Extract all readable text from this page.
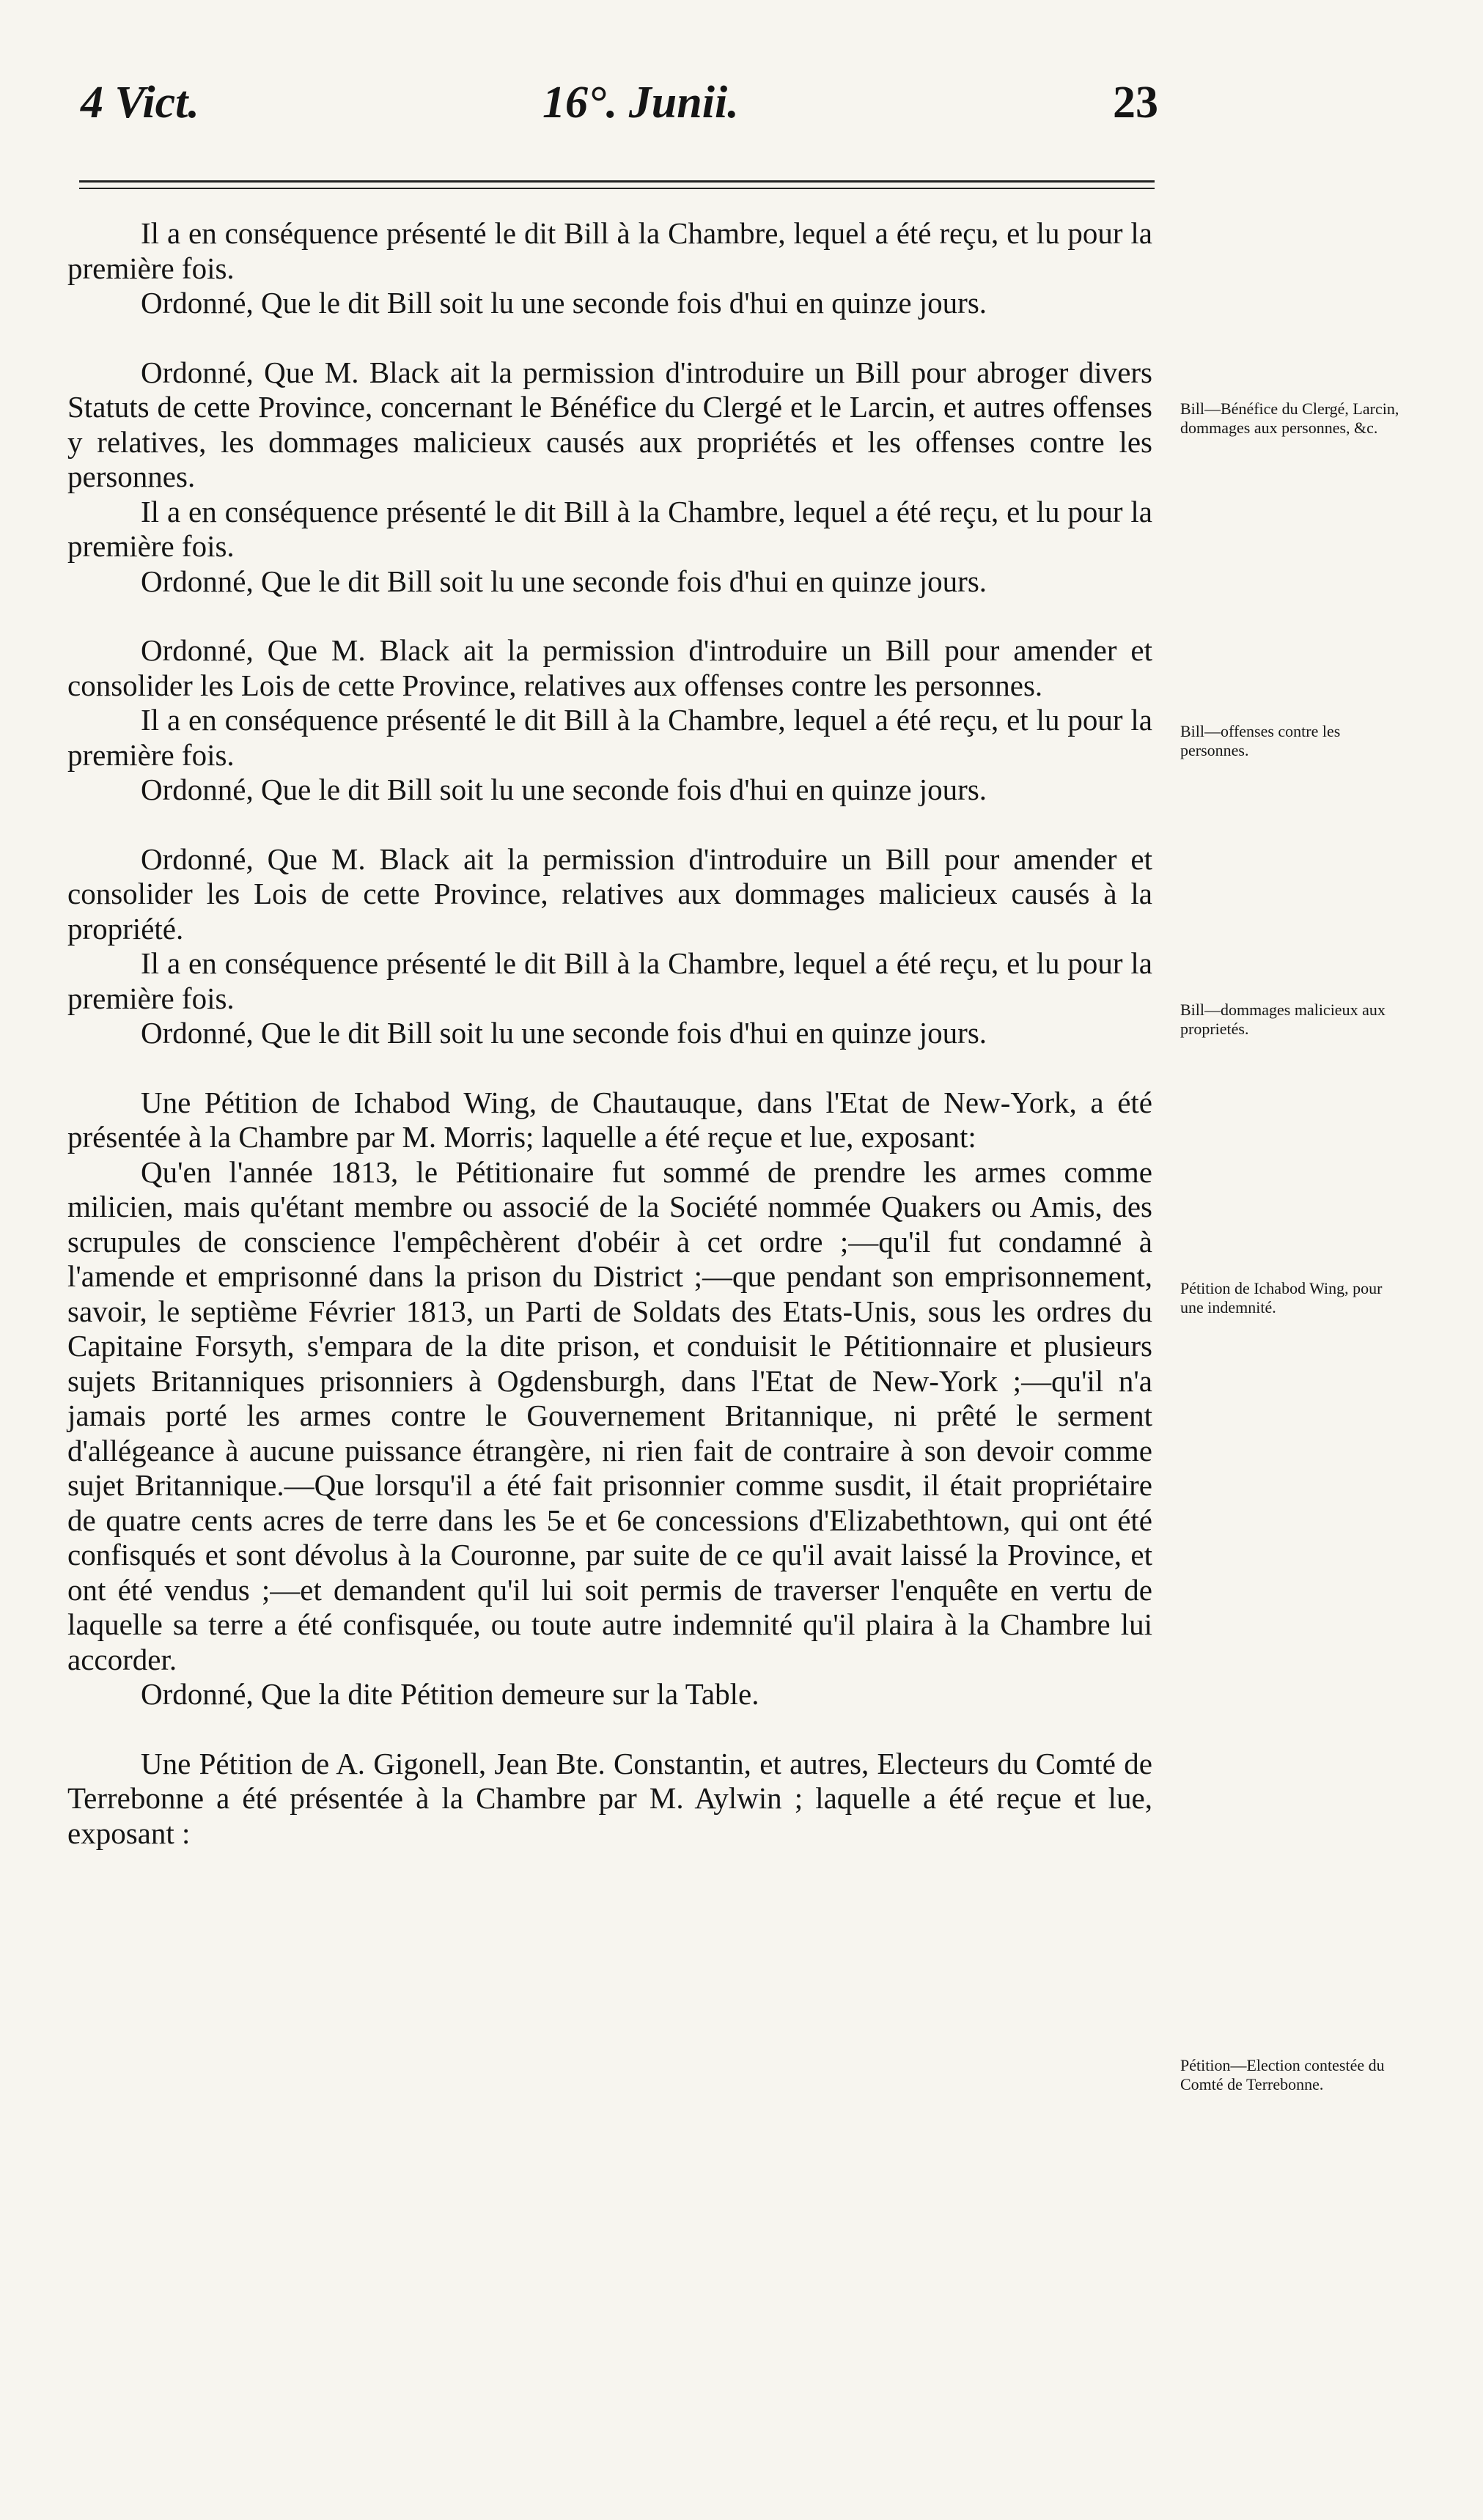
4 Vict.	16°. Junii.	23

Il a en conséquence présenté le dit Bill à la Chambre, lequel a été reçu, et lu pour la première fois.

Ordonné, Que le dit Bill soit lu une seconde fois d'hui en quinze jours.

Ordonné, Que M. Black ait la permission d'introduire un Bill pour abroger divers Statuts de cette Province, concernant le Bénéfice du Clergé et le Larcin, et autres offenses y relatives, les dommages malicieux causés aux propriétés et les offenses contre les personnes.

Il a en conséquence présenté le dit Bill à la Chambre, lequel a été reçu, et lu pour la première fois.

Ordonné, Que le dit Bill soit lu une seconde fois d'hui en quinze jours.

Ordonné, Que M. Black ait la permission d'introduire un Bill pour amender et consolider les Lois de cette Province, relatives aux offenses contre les personnes.

Il a en conséquence présenté le dit Bill à la Chambre, lequel a été reçu, et lu pour la première fois.

Ordonné, Que le dit Bill soit lu une seconde fois d'hui en quinze jours.

Ordonné, Que M. Black ait la permission d'introduire un Bill pour amender et consolider les Lois de cette Province, relatives aux dommages malicieux causés à la propriété.

Il a en conséquence présenté le dit Bill à la Chambre, lequel a été reçu, et lu pour la première fois.

Ordonné, Que le dit Bill soit lu une seconde fois d'hui en quinze jours.

Une Pétition de Ichabod Wing, de Chautauque, dans l'Etat de New-York, a été présentée à la Chambre par M. Morris; laquelle a été reçue et lue, exposant:

Qu'en l'année 1813, le Pétitionaire fut sommé de prendre les armes comme milicien, mais qu'étant membre ou associé de la Société nommée Quakers ou Amis, des scrupules de conscience l'empêchèrent d'obéir à cet ordre ;—qu'il fut condamné à l'amende et emprisonné dans la prison du District ;—que pendant son emprisonnement, savoir, le septième Février 1813, un Parti de Soldats des Etats-Unis, sous les ordres du Capitaine Forsyth, s'empara de la dite prison, et conduisit le Pétitionnaire et plusieurs sujets Britanniques prisonniers à Ogdensburgh, dans l'Etat de New-York ;—qu'il n'a jamais porté les armes contre le Gouvernement Britannique, ni prêté le serment d'allégeance à aucune puissance étrangère, ni rien fait de contraire à son devoir comme sujet Britannique.—Que lorsqu'il a été fait prisonnier comme susdit, il était propriétaire de quatre cents acres de terre dans les 5e et 6e concessions d'Elizabethtown, qui ont été confisqués et sont dévolus à la Couronne, par suite de ce qu'il avait laissé la Province, et ont été vendus ;—et demandent qu'il lui soit permis de traverser l'enquête en vertu de laquelle sa terre a été confisquée, ou toute autre indemnité qu'il plaira à la Chambre lui accorder.

Ordonné, Que la dite Pétition demeure sur la Table.

Une Pétition de A. Gigonell, Jean Bte. Constantin, et autres, Electeurs du Comté de Terrebonne a été présentée à la Chambre par M. Aylwin ; laquelle a été reçue et lue, exposant :

Bill—Bénéfice du Clergé, Larcin, dommages aux personnes, &c.
Bill—offenses contre les personnes.
Bill—dommages malicieux aux proprietés.
Pétition de Ichabod Wing, pour une indemnité.
Pétition—Election contestée du Comté de Terrebonne.
